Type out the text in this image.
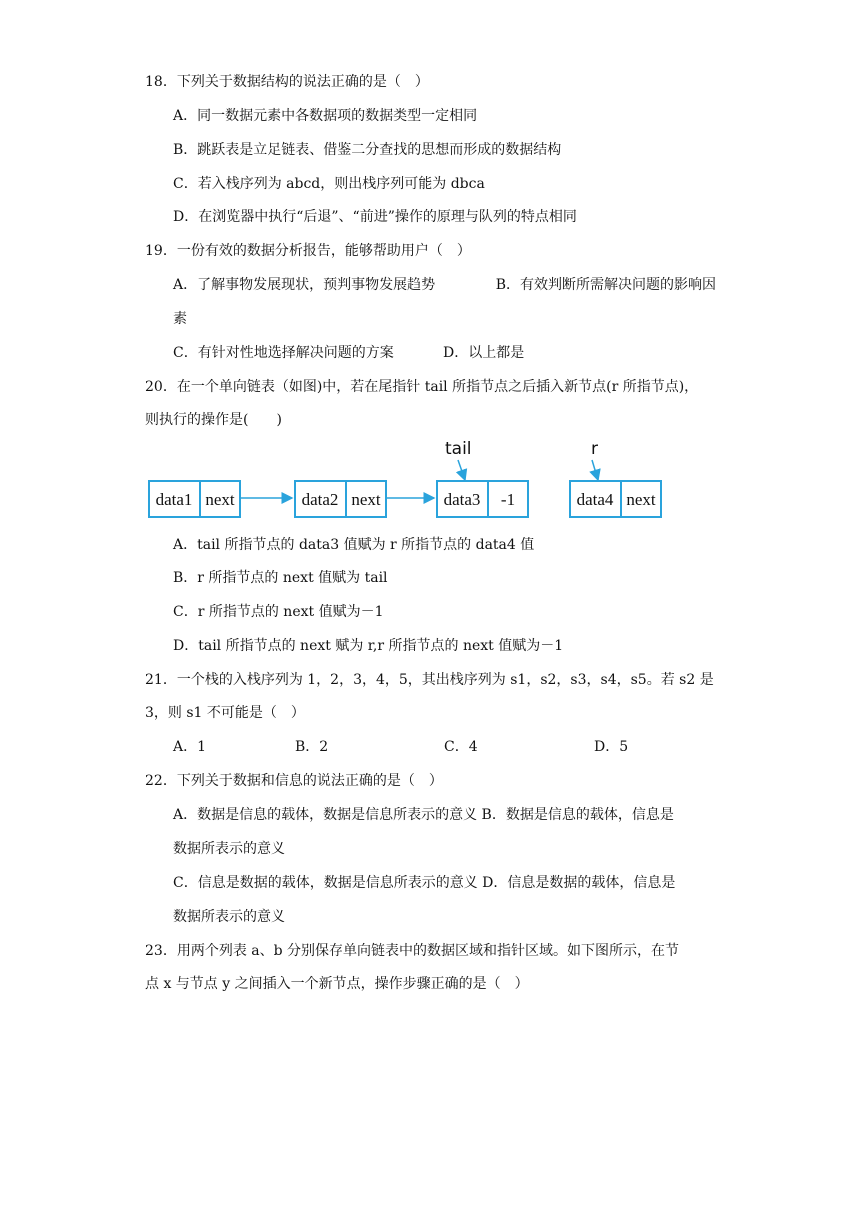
18．下列关于数据结构的说法正确的是（　）
A．同一数据元素中各数据项的数据类型一定相同
B．跳跃表是立足链表、借鉴二分查找的思想而形成的数据结构
C．若入栈序列为 abcd，则出栈序列可能为 dbca
D．在浏览器中执行“后退”、“前进”操作的原理与队列的特点相同
19．一份有效的数据分析报告，能够帮助用户（　）
A．了解事物发展现状，预判事物发展趋势	B．有效判断所需解决问题的影响因
素
C．有针对性地选择解决问题的方案	D．以上都是
20．在一个单向链表（如图)中，若在尾指针 tail 所指节点之后插入新节点(r 所指节点)，
则执行的操作是(　　)
tail	r
data1 next	data2 next	data3 -1	data4 next
A．tail 所指节点的 data3 值赋为 r 所指节点的 data4 值
B．r 所指节点的 next 值赋为 tail
C．r 所指节点的 next 值赋为－1
D．tail 所指节点的 next 赋为 r,r 所指节点的 next 值赋为－1
21．一个栈的入栈序列为 1，2，3，4，5，其出栈序列为 s1，s2，s3，s4，s5。若 s2 是
3，则 s1 不可能是（　）
A．1	B．2	C．4	D．5
22．下列关于数据和信息的说法正确的是（　）
A．数据是信息的载体，数据是信息所表示的意义 B．数据是信息的载体，信息是
数据所表示的意义
C．信息是数据的载体，数据是信息所表示的意义 D．信息是数据的载体，信息是
数据所表示的意义
23．用两个列表 a、b 分别保存单向链表中的数据区域和指针区域。如下图所示，在节
点 x 与节点 y 之间插入一个新节点，操作步骤正确的是（　）
